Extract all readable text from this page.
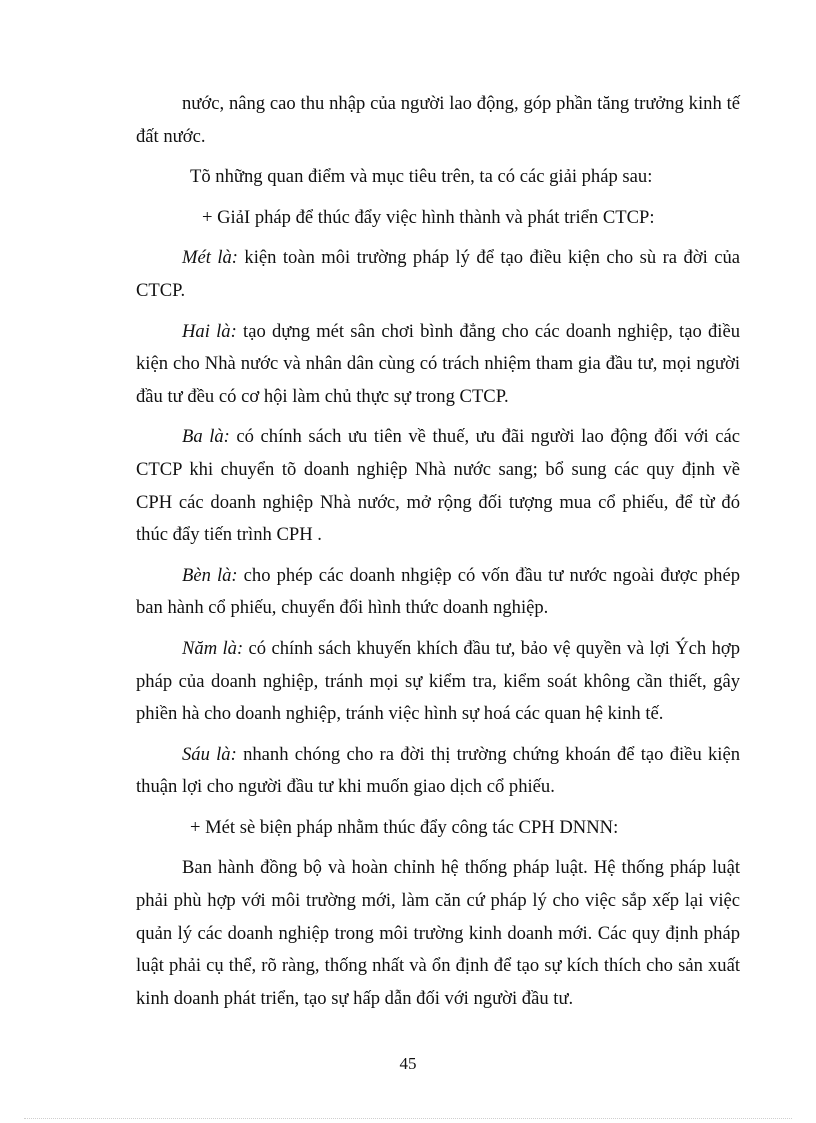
nước, nâng cao thu nhập của người lao động, góp phần tăng trưởng kinh tế đất nước.

Tõ những quan điểm và mục tiêu trên, ta có các giải pháp sau:

+ GiảI pháp để thúc đẩy việc hình thành và phát triển CTCP:

Mét là: kiện toàn môi trường pháp lý để tạo điều kiện cho sù ra đời của CTCP.

Hai là: tạo dựng mét sân chơi bình đẳng cho các doanh nghiệp, tạo điều kiện cho Nhà nước và nhân dân cùng có trách nhiệm tham gia đầu tư, mọi người đầu tư đều có cơ hội làm chủ thực sự trong CTCP.

Ba là: có chính sách ưu tiên về thuế, ưu đãi người lao động đối với các CTCP khi chuyển tõ doanh nghiệp Nhà nước sang; bổ sung các quy định về CPH các doanh nghiệp Nhà nước, mở rộng đối tượng mua cổ phiếu, để từ đó thúc đẩy tiến trình CPH .

Bèn là: cho phép các doanh nhgiệp có vốn đầu tư nước ngoài được phép ban hành cổ phiếu, chuyển đổi hình thức doanh nghiệp.

Năm là: có chính sách khuyến khích đầu tư, bảo vệ quyền và lợi Ých hợp pháp của doanh nghiệp, tránh mọi sự kiểm tra, kiểm soát không cần thiết, gây phiền hà cho doanh nghiệp, tránh việc hình sự hoá các quan hệ kinh tế.

Sáu là: nhanh chóng cho ra đời thị trường chứng khoán để tạo điều kiện thuận lợi cho người đầu tư khi muốn giao dịch cổ phiếu.

+ Mét sè biện pháp nhằm thúc đẩy công tác CPH DNNN:

Ban hành đồng bộ và hoàn chỉnh hệ thống pháp luật. Hệ thống pháp luật phải phù hợp với môi trường mới, làm căn cứ pháp lý cho việc sắp xếp lại việc quản lý các doanh nghiệp trong môi trường kinh doanh mới. Các quy định pháp luật phải cụ thể, rõ ràng, thống nhất và ổn định để tạo sự kích thích cho sản xuất kinh doanh phát triển, tạo sự hấp dẫn đối với người đầu tư.

45
